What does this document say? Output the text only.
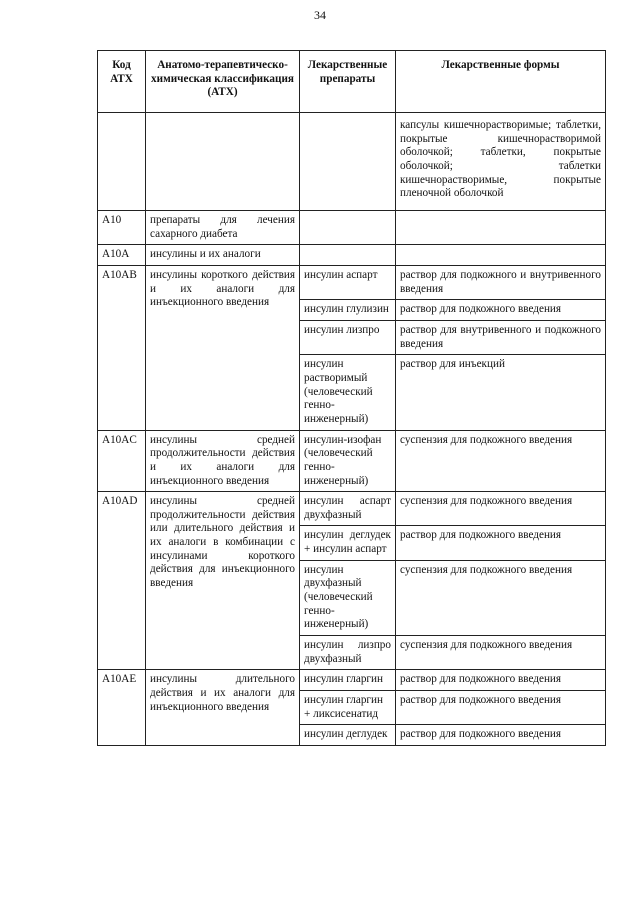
34
Код АТХ	Анатомо-терапевтическо-химическая классификация (АТХ)	Лекарственные препараты	Лекарственные формы
			капсулы кишечнорастворимые; таблетки, покрытые кишечнорастворимой оболочкой; таблетки, покрытые оболочкой; таблетки кишечнорастворимые, покрытые пленочной оболочкой
A10	препараты для лечения сахарного диабета		
A10A	инсулины и их аналоги		
A10AB	инсулины короткого действия и их аналоги для инъекционного введения	инсулин аспарт	раствор для подкожного и внутривенного введения
		инсулин глулизин	раствор для подкожного введения
		инсулин лизпро	раствор для внутривенного и подкожного введения
		инсулин растворимый (человеческий генно-инженерный)	раствор для инъекций
A10AC	инсулины средней продолжительности действия и их аналоги для инъекционного введения	инсулин-изофан (человеческий генно-инженерный)	суспензия для подкожного введения
A10AD	инсулины средней продолжительности действия или длительного действия и их аналоги в комбинации с инсулинами короткого действия для инъекционного введения	инсулин аспарт двухфазный	суспензия для подкожного введения
		инсулин деглудек + инсулин аспарт	раствор для подкожного введения
		инсулин двухфазный (человеческий генно-инженерный)	суспензия для подкожного введения
		инсулин лизпро двухфазный	суспензия для подкожного введения
A10AE	инсулины длительного действия и их аналоги для инъекционного введения	инсулин гларгин	раствор для подкожного введения
		инсулин гларгин + ликсисенатид	раствор для подкожного введения
		инсулин деглудек	раствор для подкожного введения
